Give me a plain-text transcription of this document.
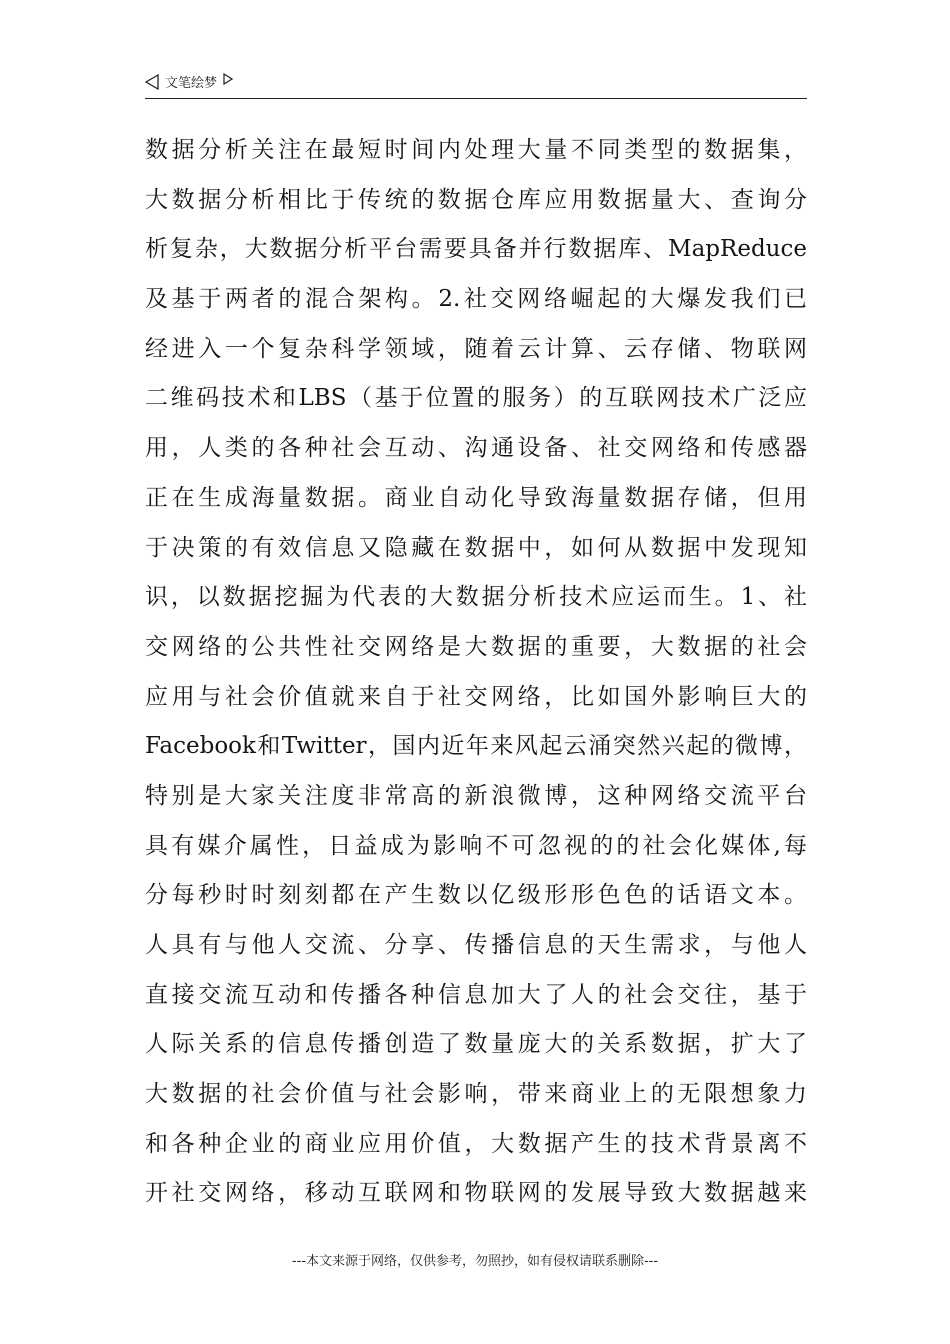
文笔绘梦
数据分析关注在最短时间内处理大量不同类型的数据集，
大数据分析相比于传统的数据仓库应用数据量大、查询分
析复杂，大数据分析平台需要具备并行数据库、MapReduce
及基于两者的混合架构。2.社交网络崛起的大爆发我们已
经进入一个复杂科学领域，随着云计算、云存储、物联网
二维码技术和LBS（基于位置的服务）的互联网技术广泛应
用，人类的各种社会互动、沟通设备、社交网络和传感器
正在生成海量数据。商业自动化导致海量数据存储，但用
于决策的有效信息又隐藏在数据中，如何从数据中发现知
识，以数据挖掘为代表的大数据分析技术应运而生。1、社
交网络的公共性社交网络是大数据的重要，大数据的社会
应用与社会价值就来自于社交网络，比如国外影响巨大的
Facebook和Twitter，国内近年来风起云涌突然兴起的微博，
特别是大家关注度非常高的新浪微博，这种网络交流平台
具有媒介属性，日益成为影响不可忽视的的社会化媒体,每
分每秒时时刻刻都在产生数以亿级形形色色的话语文本。
人具有与他人交流、分享、传播信息的天生需求，与他人
直接交流互动和传播各种信息加大了人的社会交往，基于
人际关系的信息传播创造了数量庞大的关系数据，扩大了
大数据的社会价值与社会影响，带来商业上的无限想象力
和各种企业的商业应用价值，大数据产生的技术背景离不
开社交网络，移动互联网和物联网的发展导致大数据越来
---本文来源于网络，仅供参考，勿照抄，如有侵权请联系删除---
